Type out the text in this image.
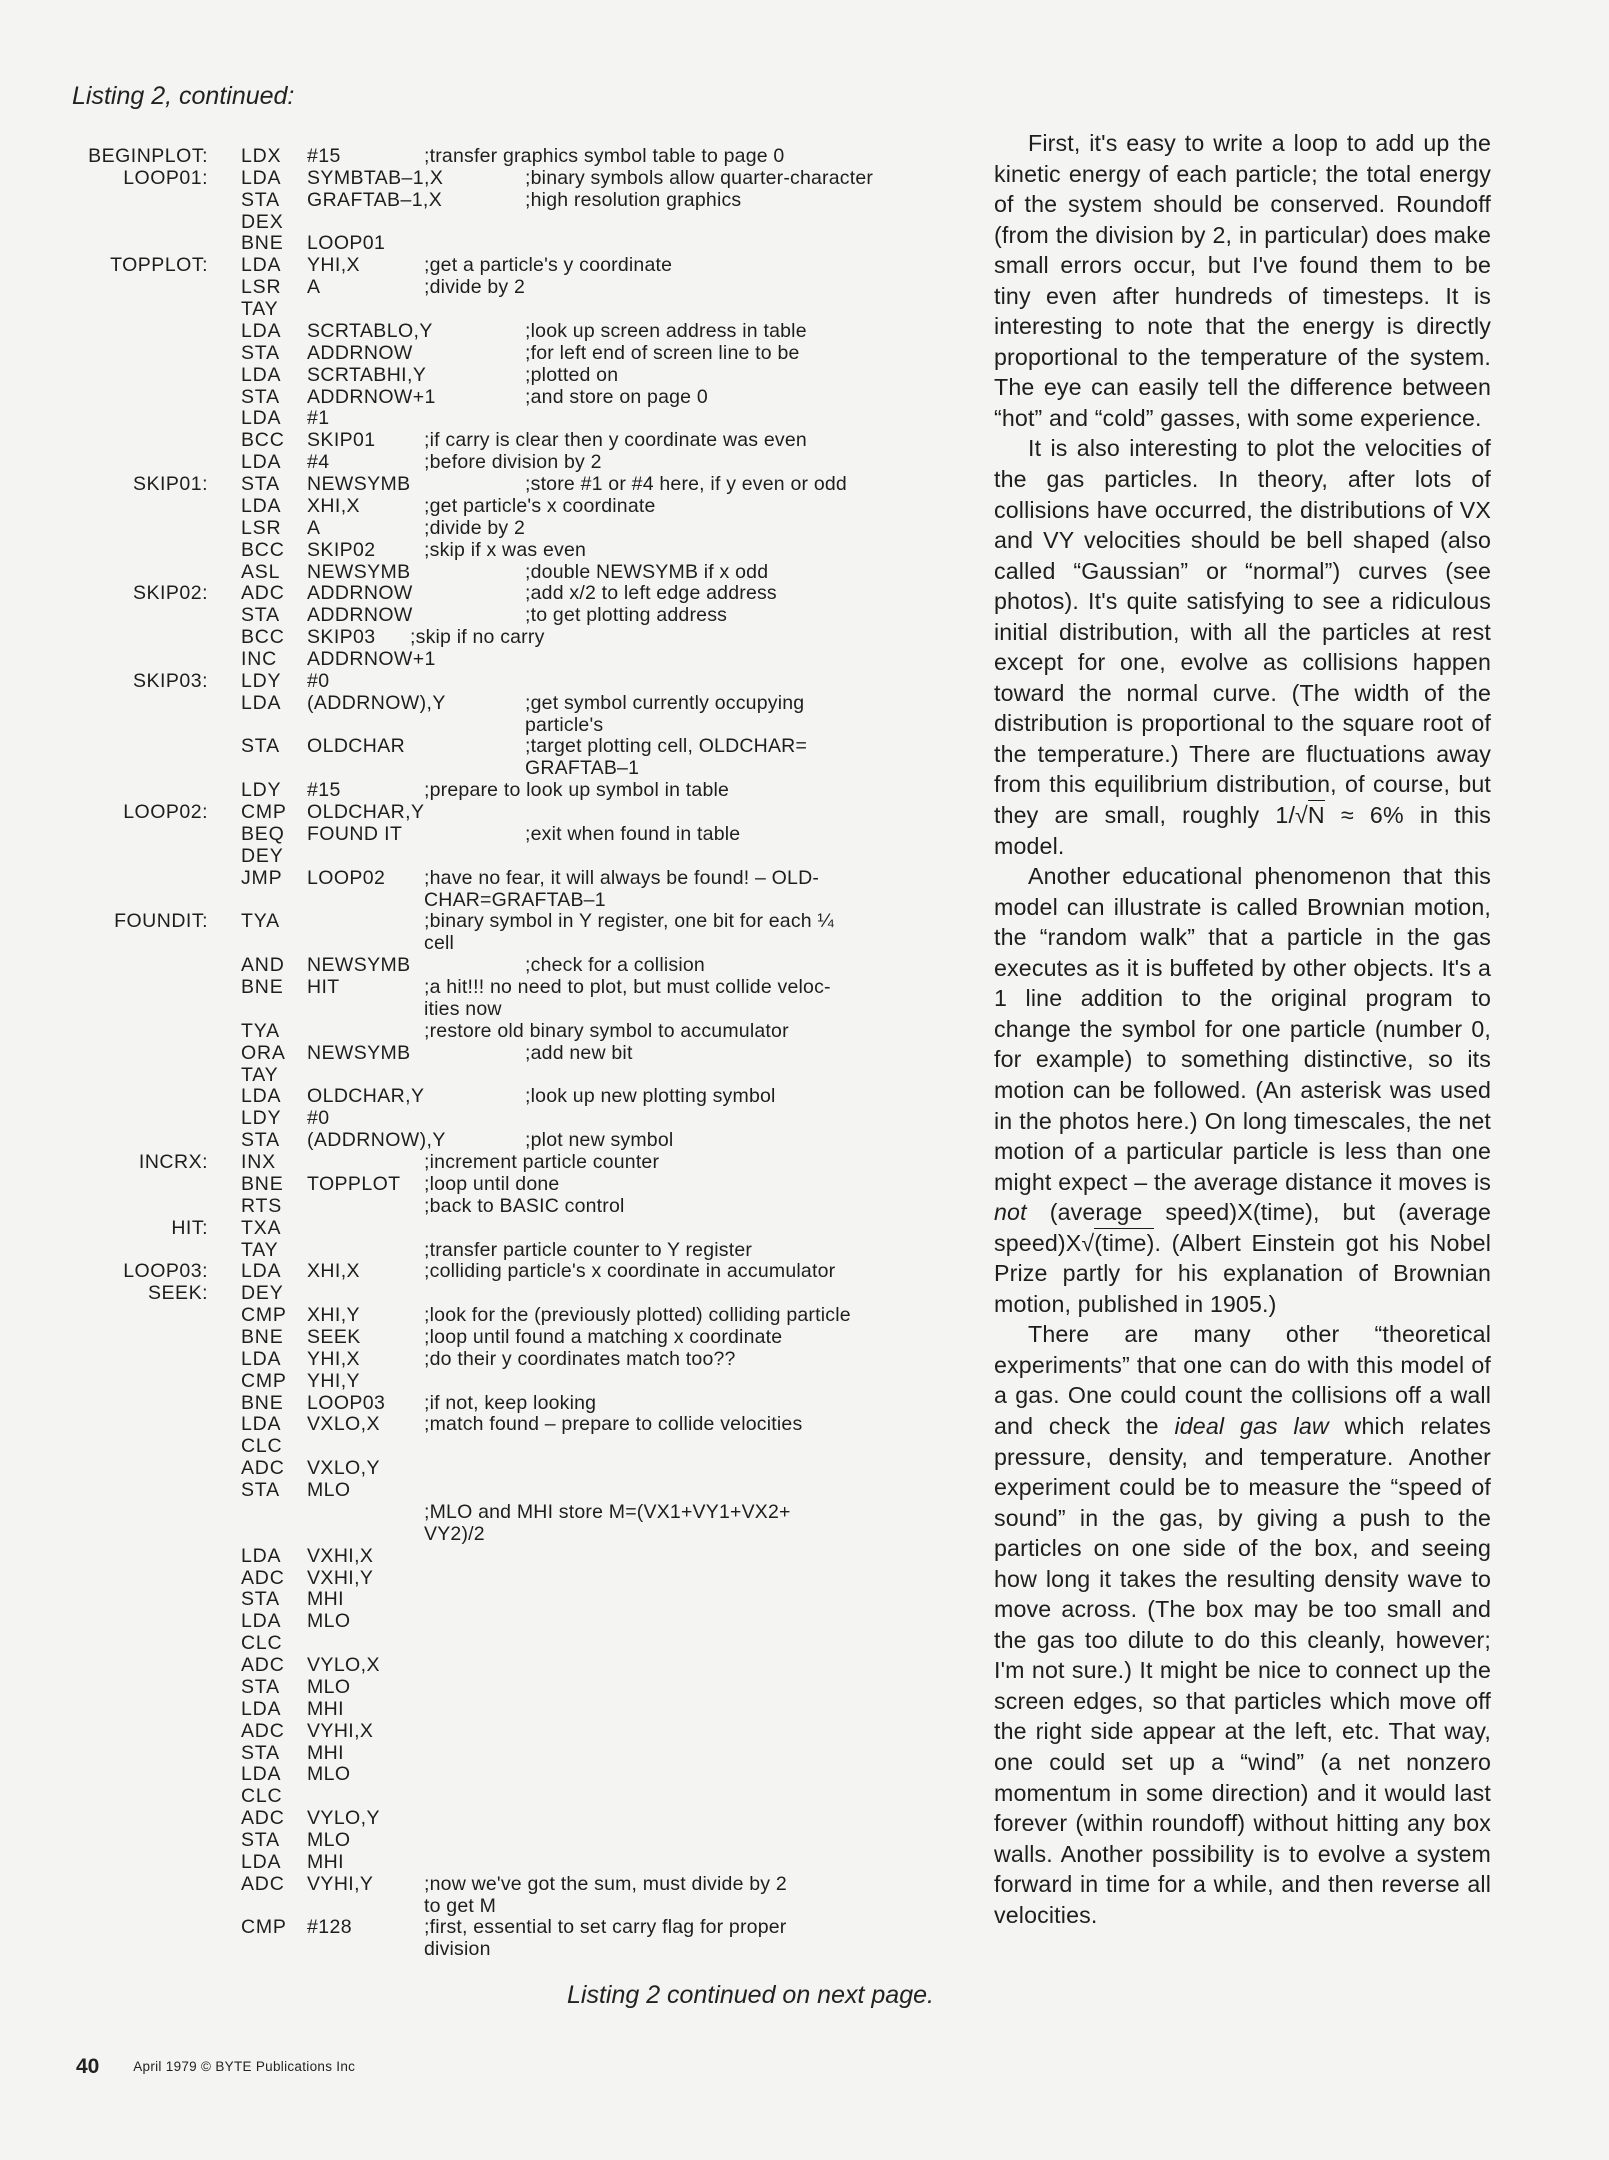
Listing 2, continued:
BEGINPLOT: LDX #15	;transfer graphics symbol table to page 0
LOOP01: LDA SYMBTAB–1,X	;binary symbols allow quarter-character
STA GRAFTAB–1,X	;high resolution graphics
DEX
BNE LOOP01
TOPPLOT: LDA YHI,X	;get a particle's y coordinate
LSR A	;divide by 2
TAY
LDA SCRTABLO,Y	;look up screen address in table
STA ADDRNOW	;for left end of screen line to be
LDA SCRTABHI,Y	;plotted on
STA ADDRNOW+1	;and store on page 0
LDA #1
BCC SKIP01 ;if carry is clear then y coordinate was even
LDA #4	;before division by 2
SKIP01: STA NEWSYMB	;store #1 or #4 here, if y even or odd
LDA XHI,X	;get particle's x coordinate
LSR A	;divide by 2
BCC SKIP02 ;skip if x was even
ASL NEWSYMB	;double NEWSYMB if x odd
SKIP02: ADC ADDRNOW	;add x/2 to left edge address
STA ADDRNOW	;to get plotting address
BCC SKIP03 ;skip if no carry
INC ADDRNOW+1
SKIP03: LDY #0
LDA (ADDRNOW),Y	;get symbol currently occupying
particle's
STA OLDCHAR	;target plotting cell, OLDCHAR=
GRAFTAB–1
LDY #15	;prepare to look up symbol in table
LOOP02: CMP OLDCHAR,Y
BEQ FOUND IT	;exit when found in table
DEY
JMP LOOP02 ;have no fear, it will always be found! – OLD-
CHAR=GRAFTAB–1
FOUNDIT: TYA	;binary symbol in Y register, one bit for each ¼
cell
AND NEWSYMB	;check for a collision
BNE HIT	;a hit!!! no need to plot, but must collide veloc-
ities now
TYA	;restore old binary symbol to accumulator
ORA NEWSYMB	;add new bit
TAY
LDA OLDCHAR,Y	;look up new plotting symbol
LDY #0
STA (ADDRNOW),Y	;plot new symbol
INCRX: INX	;increment particle counter
BNE TOPPLOT ;loop until done
RTS	;back to BASIC control
HIT: TXA
TAY	;transfer particle counter to Y register
LOOP03: LDA XHI,X	;colliding particle's x coordinate in accumulator
SEEK: DEY
CMP XHI,Y	;look for the (previously plotted) colliding particle
BNE SEEK	;loop until found a matching x coordinate
LDA YHI,X	;do their y coordinates match too??
CMP YHI,Y
BNE LOOP03 ;if not, keep looking
LDA VXLO,X ;match found – prepare to collide velocities
CLC
ADC VXLO,Y
STA MLO
;MLO and MHI store M=(VX1+VY1+VX2+
VY2)/2
LDA VXHI,X
ADC VXHI,Y
STA MHI
LDA MLO
CLC
ADC VYLO,X
STA MLO
LDA MHI
ADC VYHI,X
STA MHI
LDA MLO
CLC
ADC VYLO,Y
STA MLO
LDA MHI
ADC VYHI,Y	;now we've got the sum, must divide by 2
to get M
CMP #128	;first, essential to set carry flag for proper
division
Listing 2 continued on next page.

First, it's easy to write a loop to add up the kinetic energy of each particle; the total energy of the system should be conserved. Roundoff (from the division by 2, in particular) does make small errors occur, but I've found them to be tiny even after hundreds of timesteps. It is interesting to note that the energy is directly proportional to the temperature of the system. The eye can easily tell the difference between “hot” and “cold” gasses, with some experience.

It is also interesting to plot the velocities of the gas particles. In theory, after lots of collisions have occurred, the distributions of VX and VY velocities should be bell shaped (also called “Gaussian” or “normal”) curves (see photos). It's quite satisfying to see a ridiculous initial distribution, with all the particles at rest except for one, evolve as collisions happen toward the normal curve. (The width of the distribution is proportional to the square root of the temperature.) There are fluctuations away from this equilibrium distribution, of course, but they are small, roughly 1/√N ≈ 6% in this model.

Another educational phenomenon that this model can illustrate is called Brownian motion, the “random walk” that a particle in the gas executes as it is buffeted by other objects. It's a 1 line addition to the original program to change the symbol for one particle (number 0, for example) to something distinctive, so its motion can be followed. (An asterisk was used in the photos here.) On long timescales, the net motion of a particular particle is less than one might expect – the average distance it moves is not (average speed)X(time), but (average speed)X√(time). (Albert Einstein got his Nobel Prize partly for his explanation of Brownian motion, published in 1905.)

There are many other “theoretical experiments” that one can do with this model of a gas. One could count the collisions off a wall and check the ideal gas law which relates pressure, density, and temperature. Another experiment could be to measure the “speed of sound” in the gas, by giving a push to the particles on one side of the box, and seeing how long it takes the resulting density wave to move across. (The box may be too small and the gas too dilute to do this cleanly, however; I'm not sure.) It might be nice to connect up the screen edges, so that particles which move off the right side appear at the left, etc. That way, one could set up a “wind” (a net nonzero momentum in some direction) and it would last forever (within roundoff) without hitting any box walls. Another possibility is to evolve a system forward in time for a while, and then reverse all velocities.

40	April 1979 © BYTE Publications Inc
